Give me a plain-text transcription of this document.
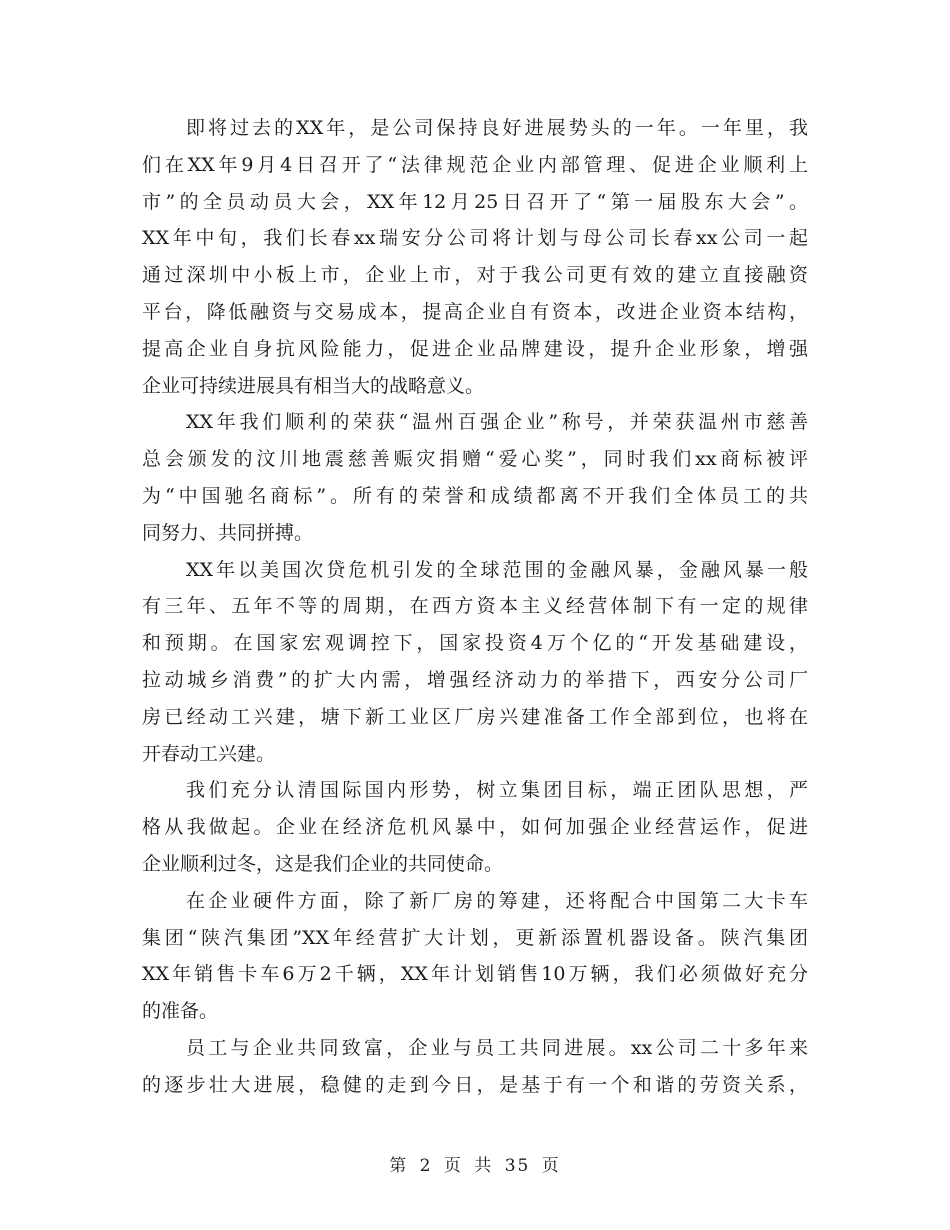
即将过去的XX年，是公司保持良好进展势头的一年。一年里，我
们在XX年9月4日召开了“法律规范企业内部管理、促进企业顺利上
市”的全员动员大会，XX年12月25日召开了“第一届股东大会”。
XX年中旬，我们长春xx瑞安分公司将计划与母公司长春xx公司一起
通过深圳中小板上市，企业上市，对于我公司更有效的建立直接融资
平台，降低融资与交易成本，提高企业自有资本，改进企业资本结构，
提高企业自身抗风险能力，促进企业品牌建设，提升企业形象，增强
企业可持续进展具有相当大的战略意义。
XX年我们顺利的荣获“温州百强企业”称号，并荣获温州市慈善
总会颁发的汶川地震慈善赈灾捐赠“爱心奖”，同时我们xx商标被评
为“中国驰名商标”。所有的荣誉和成绩都离不开我们全体员工的共
同努力、共同拼搏。
XX年以美国次贷危机引发的全球范围的金融风暴，金融风暴一般
有三年、五年不等的周期，在西方资本主义经营体制下有一定的规律
和预期。在国家宏观调控下，国家投资4万个亿的“开发基础建设，
拉动城乡消费”的扩大内需，增强经济动力的举措下，西安分公司厂
房已经动工兴建，塘下新工业区厂房兴建准备工作全部到位，也将在
开春动工兴建。
我们充分认清国际国内形势，树立集团目标，端正团队思想，严
格从我做起。企业在经济危机风暴中，如何加强企业经营运作，促进
企业顺利过冬，这是我们企业的共同使命。
在企业硬件方面，除了新厂房的筹建，还将配合中国第二大卡车
集团“陕汽集团”XX年经营扩大计划，更新添置机器设备。陕汽集团
XX年销售卡车6万2千辆，XX年计划销售10万辆，我们必须做好充分
的准备。
员工与企业共同致富，企业与员工共同进展。xx公司二十多年来
的逐步壮大进展，稳健的走到今日，是基于有一个和谐的劳资关系，
第 2 页 共 35 页
